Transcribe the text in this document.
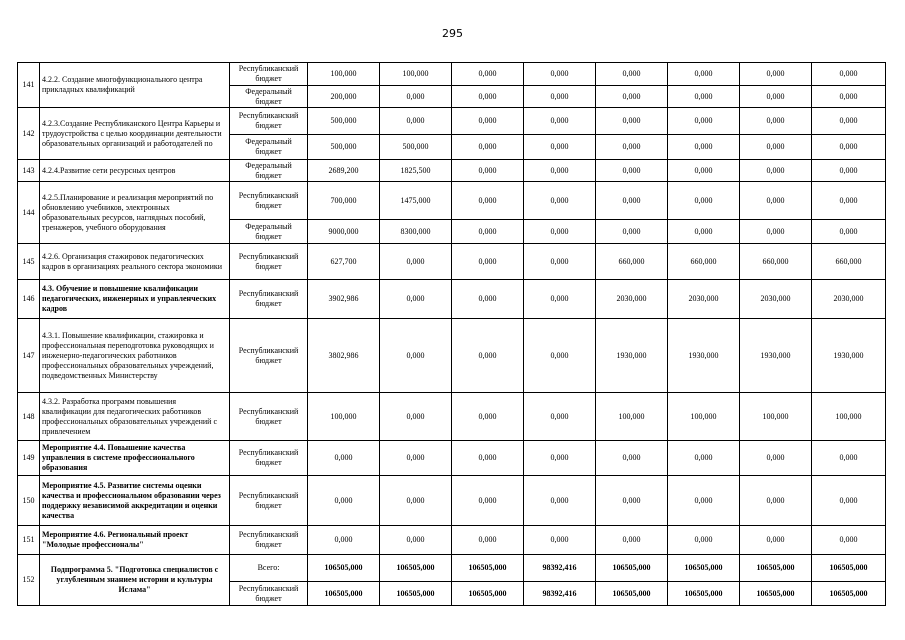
295
141	4.2.2. Создание многофункционального центра прикладных квалификаций	Республиканский бюджет	100,000	100,000	0,000	0,000	0,000	0,000	0,000	0,000
		Федеральный бюджет	200,000	0,000	0,000	0,000	0,000	0,000	0,000	0,000
142	4.2.3.Создание Республиканского Центра Карьеры и трудоустройства с целью координации деятельности образовательных организаций и работодателей по	Республиканский бюджет	500,000	0,000	0,000	0,000	0,000	0,000	0,000	0,000
		Федеральный бюджет	500,000	500,000	0,000	0,000	0,000	0,000	0,000	0,000
143	4.2.4.Развитие сети ресурсных центров	Федеральный бюджет	2689,200	1825,500	0,000	0,000	0,000	0,000	0,000	0,000
144	4.2.5.Планирование и реализация мероприятий по обновлению учебников, электронных образовательных ресурсов, наглядных пособий, тренажеров, учебного оборудования	Республиканский бюджет	700,000	1475,000	0,000	0,000	0,000	0,000	0,000	0,000
		Федеральный бюджет	9000,000	8300,000	0,000	0,000	0,000	0,000	0,000	0,000
145	4.2.6. Организация стажировок педагогических кадров в организациях реального сектора экономики	Республиканский бюджет	627,700	0,000	0,000	0,000	660,000	660,000	660,000	660,000
146	4.3. Обучение и повышение квалификации педагогических, инженерных и управленческих кадров	Республиканский бюджет	3902,986	0,000	0,000	0,000	2030,000	2030,000	2030,000	2030,000
147	4.3.1. Повышение квалификации, стажировка и профессиональная переподготовка руководящих и инженерно-педагогических работников профессиональных образовательных учреждений, подведомственных Министерству	Республиканский бюджет	3802,986	0,000	0,000	0,000	1930,000	1930,000	1930,000	1930,000
148	4.3.2. Разработка программ повышения квалификации для педагогических работников профессиональных образовательных учреждений с привлечением	Республиканский бюджет	100,000	0,000	0,000	0,000	100,000	100,000	100,000	100,000
149	Мероприятие 4.4. Повышение качества управления в системе профессионального образования	Республиканский бюджет	0,000	0,000	0,000	0,000	0,000	0,000	0,000	0,000
150	Мероприятие 4.5. Развитие системы оценки качества и профессиональном образовании через поддержку независимой аккредитации и оценки качества	Республиканский бюджет	0,000	0,000	0,000	0,000	0,000	0,000	0,000	0,000
151	Мероприятие 4.6. Региональный проект "Молодые профессионалы"	Республиканский бюджет	0,000	0,000	0,000	0,000	0,000	0,000	0,000	0,000
152	Подпрограмма 5. "Подготовка специалистов с углубленным знанием истории и культуры Ислама"	Всего:	106505,000	106505,000	106505,000	98392,416	106505,000	106505,000	106505,000	106505,000
		Республиканский бюджет	106505,000	106505,000	106505,000	98392,416	106505,000	106505,000	106505,000	106505,000
